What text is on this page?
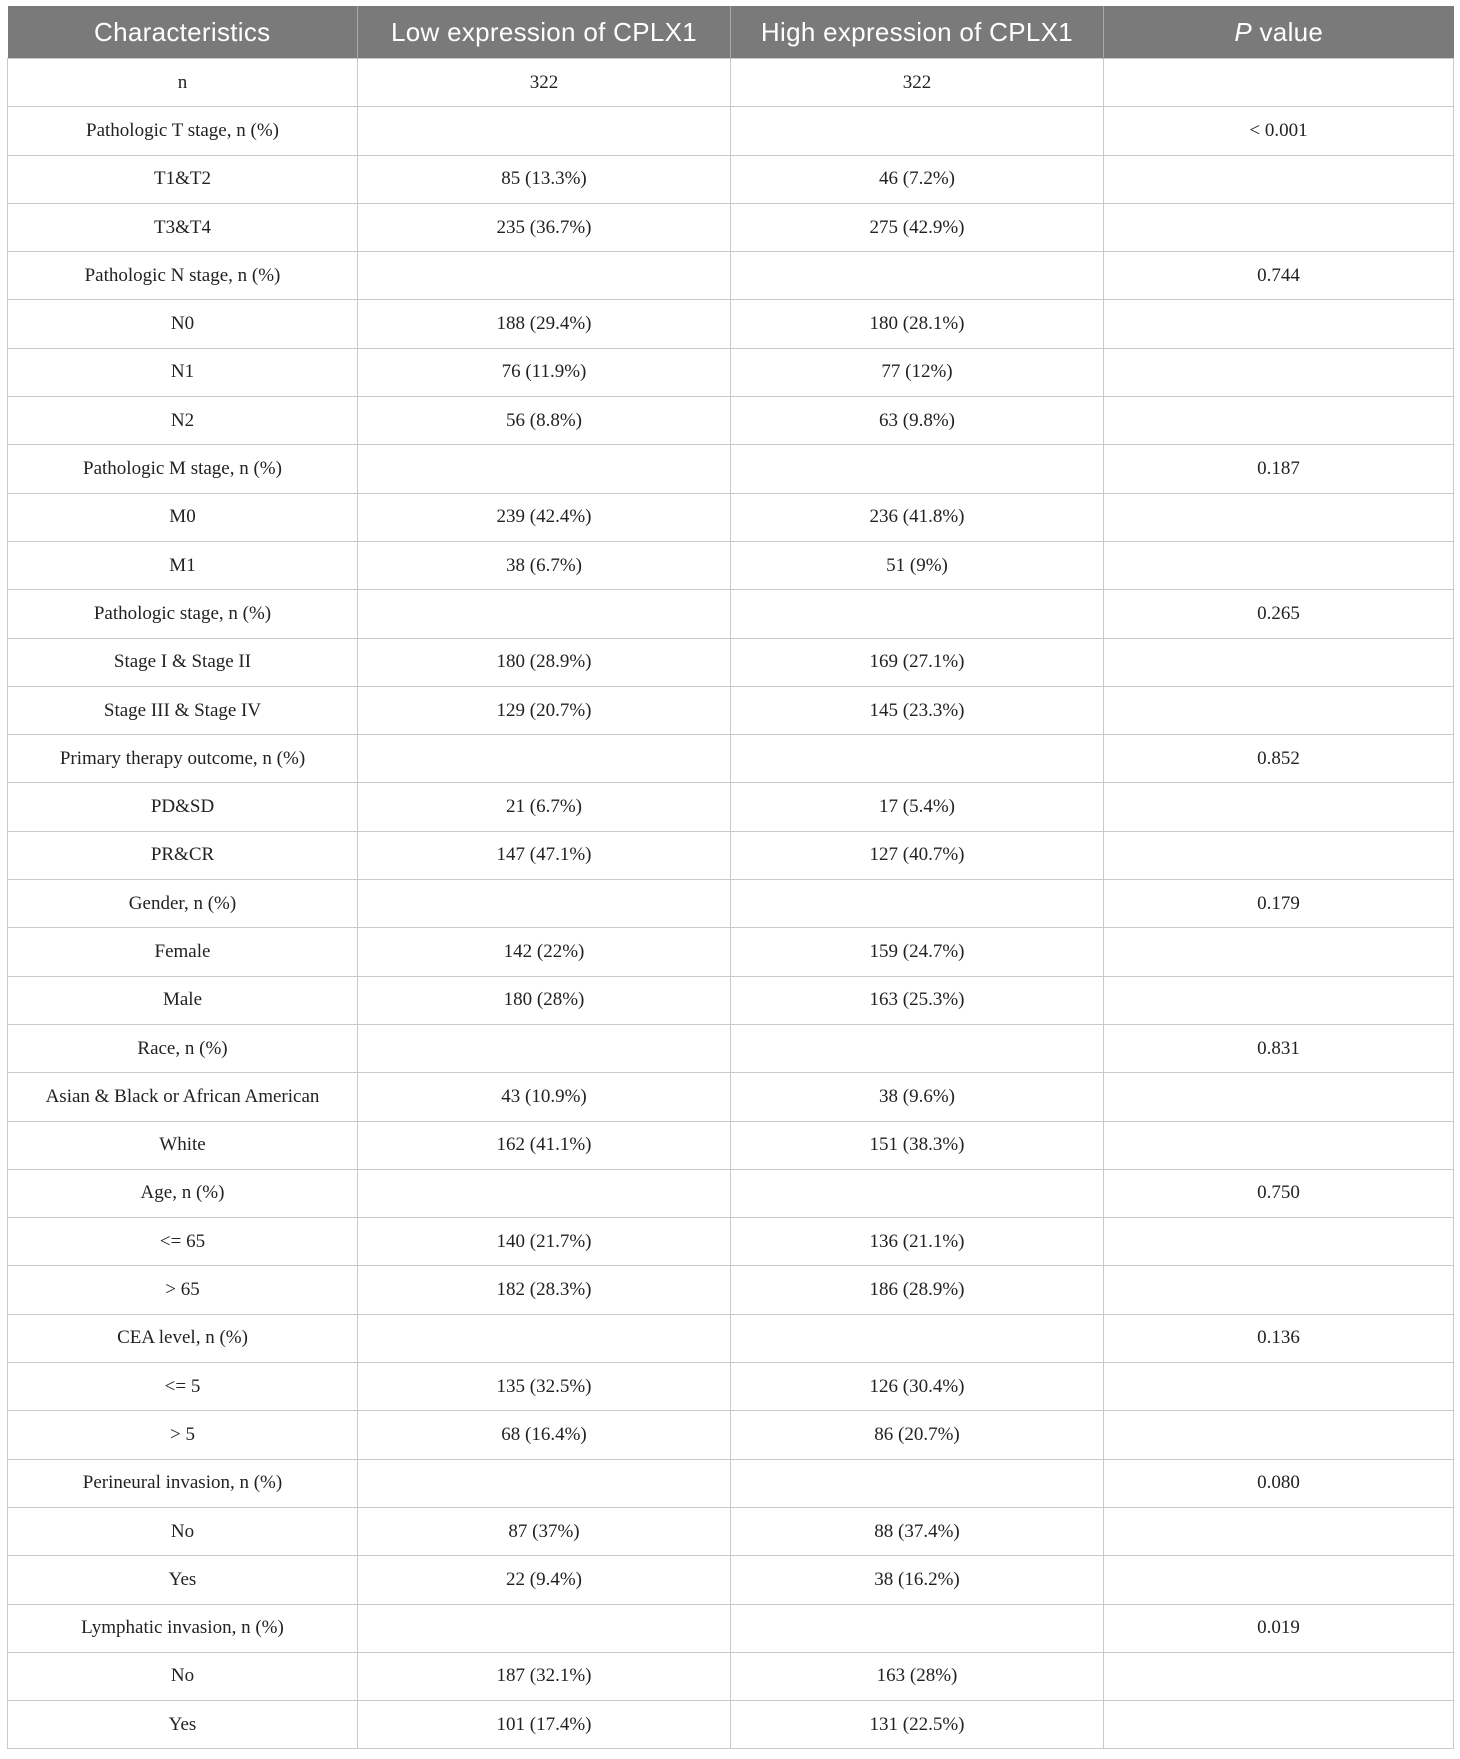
Characteristics	Low expression of CPLX1	High expression of CPLX1	P value
n	322	322	
Pathologic T stage, n (%)			< 0.001
T1&T2	85 (13.3%)	46 (7.2%)	
T3&T4	235 (36.7%)	275 (42.9%)	
Pathologic N stage, n (%)			0.744
N0	188 (29.4%)	180 (28.1%)	
N1	76 (11.9%)	77 (12%)	
N2	56 (8.8%)	63 (9.8%)	
Pathologic M stage, n (%)			0.187
M0	239 (42.4%)	236 (41.8%)	
M1	38 (6.7%)	51 (9%)	
Pathologic stage, n (%)			0.265
Stage I & Stage II	180 (28.9%)	169 (27.1%)	
Stage III & Stage IV	129 (20.7%)	145 (23.3%)	
Primary therapy outcome, n (%)			0.852
PD&SD	21 (6.7%)	17 (5.4%)	
PR&CR	147 (47.1%)	127 (40.7%)	
Gender, n (%)			0.179
Female	142 (22%)	159 (24.7%)	
Male	180 (28%)	163 (25.3%)	
Race, n (%)			0.831
Asian & Black or African American	43 (10.9%)	38 (9.6%)	
White	162 (41.1%)	151 (38.3%)	
Age, n (%)			0.750
<= 65	140 (21.7%)	136 (21.1%)	
> 65	182 (28.3%)	186 (28.9%)	
CEA level, n (%)			0.136
<= 5	135 (32.5%)	126 (30.4%)	
> 5	68 (16.4%)	86 (20.7%)	
Perineural invasion, n (%)			0.080
No	87 (37%)	88 (37.4%)	
Yes	22 (9.4%)	38 (16.2%)	
Lymphatic invasion, n (%)			0.019
No	187 (32.1%)	163 (28%)	
Yes	101 (17.4%)	131 (22.5%)	
